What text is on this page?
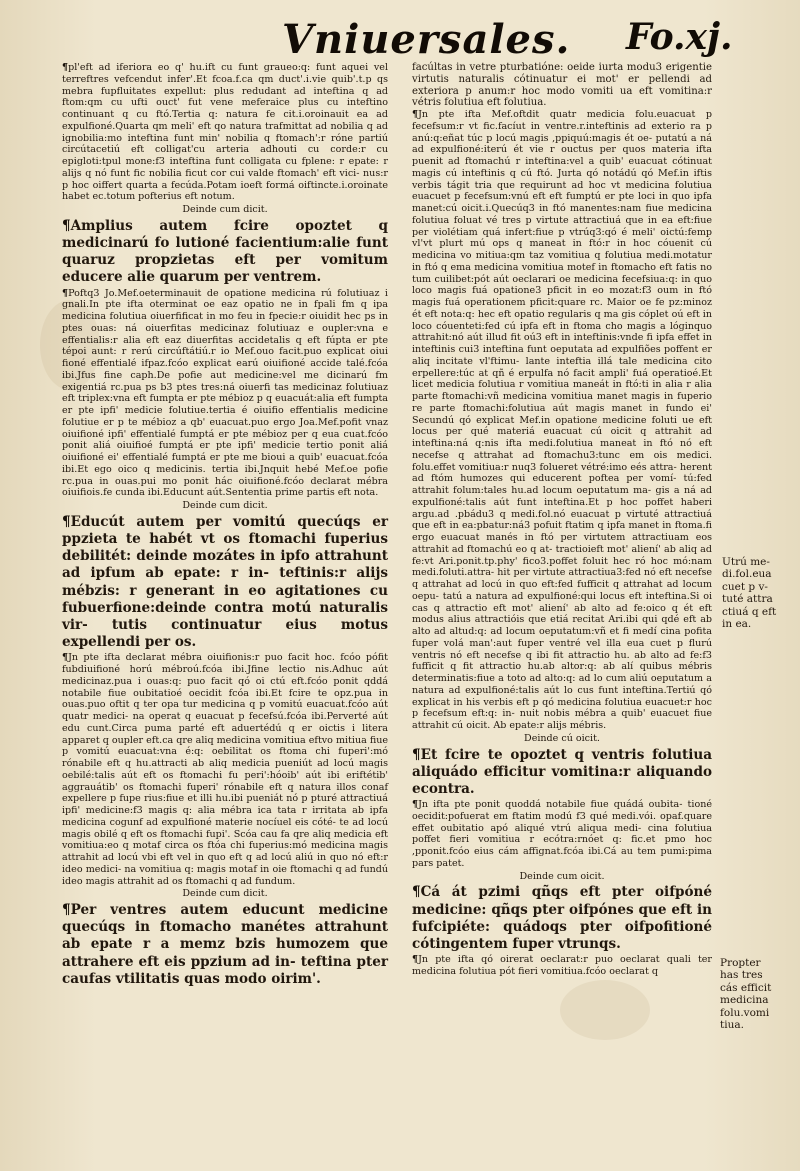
Vniuersales. Fo.xj.

¶pl'eft ad iferiora eo q' hu.ift cu funt graueo:q: funt aquei vel terreftres vefcendut infer'.Et fcoa.f.ca qm duct'.i.vie quib'.t.p qs mebra fupfluitates expellut: plus redudant ad inteftina q ad ftom:qm cu ufti ouct' fut vene meferaice plus cu inteftino continuant q cu ftó.Tertia q: natura fe cit.i.oroinauit ea ad expulfioné.Quarta qm meli' eft qo natura trafmittat ad nobilia q ad ignobilia:mo inteftina funt min' nobilia q ftomach':r róne partiú circútacetiú eft colligat'cu arteria adhouti cu corde:r cu epigloti:tpul mone:f3 inteftina funt colligata cu fplene: r epate: r alijs q nó funt fic nobilia ficut cor cui valde ftomach' eft vici- nus:r p hoc oiffert quarta a fecúda.Potam ioeft formá oiftincte.i.oroinate habet ec.totum pofterius eft notum.

Deinde cum dicit.

¶Amplius autem fcire opoztet q medicinarú fo lutioné facientium:alie funt quaruz propzietas eft per vomitum educere alie quarum per ventrem.

¶Poftq3 Jo.Mef.oeterminauit de opatione medicina rú folutiuaz i gnali.In pte ifta oterminat oe eaz opatio ne in fpali fm q ipa medicina folutiua oiuerfificat in mo feu in fpecie:r oiuidit hec ps in ptes ouas: ná oiuerfitas medicinaz folutiuaz e oupler:vna e effentialis:r alia eft eaz diuerfitas accidetalis q eft fúpta er pte tépoi aunt: r rerú circúftátiú.r io Mef.ouo facit.puo explicat oiui fioné effentialé ifpaz.fcóo explicat earú oiuifioné accide talé.fcóa ibi.Jfus fine caph.De pofie aut medicine:vel me dicinarú fm exigentiá rc.pua ps b3 ptes tres:ná oiuerfi tas medicinaz folutiuaz eft triplex:vna eft fumpta er pte mébioz p q euacuát:alia eft fumpta er pte ipfi' medicie folutiue.tertia é oiuifio effentialis medicine folutiue er p te mébioz a qb' euacuat.puo ergo Joa.Mef.pofit vnaz oiuifioné ipfi' effentialé fumptá er pte mébioz per q eua cuat.fcóo ponit aliá oiuifioé fumptá er pte ipfi' medicie tertio ponit aliá oiuifioné ei' effentialé fumptá er pte me bioui a quib' euacuat.fcóa ibi.Et ego oico q medicinis. tertia ibi.Jnquit hebé Mef.oe pofie rc.pua in ouas.pui mo ponit hác oiuifioné.fcóo declarat mébra oiuifiois.fe cunda ibi.Educunt aút.Sententia prime partis eft nota.

Deinde cum dicit.

¶Educút autem per vomitú quecúqs er ppzieta te habét vt os ftomachi fuperius debilitét: deinde mozátes in ipfo attrahunt ad ipfum ab epate: r in- teftinis:r alijs mébzis: r generant in eo agitationes cu fubuerfione:deinde contra motú naturalis vir- tutis continuatur eius motus expellendi per os.

¶Jn pte ifta declarat mébra oiuifionis:r puo facit hoc. fcóo pófit fubdiuifioné horú mébroú.fcóa ibi.Jfine lectio nis.Adhuc aút medicinaz.pua i ouas:q: puo facit qó oi ctú eft.fcóo ponit qddá notabile fiue oubitatioé oecidit fcóa ibi.Et fcire te opz.pua in ouas.puo oftit q ter opa tur medicina q p vomitú euacuat.fcóo aút quatr medici- na operat q euacuat p fecefsú.fcóa ibi.Perverté aút edu cunt.Circa puma parté eft aduertédú q er oictis i litera apparet q oupler eft.ca qre aliq medicina vomitiua eftvo mitiua fiue p vomitú euacuat:vna é:q: oebilitat os ftoma chi fuperi':mó rónabile eft q hu.attracti ab aliq medicia pueniút ad locú magis oebilé:talis aút eft os ftomachi fu peri':hóoib' aút ibi eriftétib' aggrauátib' os ftomachi fuperi' rónabile eft q natura illos conaf expellere p fupe rius:fiue et illi hu.ibi pueniát nó p pturé attractiuá ipfi' medicine:f3 magis q: alia mébra ica tata r irritata ab ipfa medicina cogunf ad expulfioné materie nocíuel eis cóté- te ad locú magis obilé q eft os ftomachi fupi'. Scóa cau fa qre aliq medicia eft vomitiua:eo q motaf circa os ftóa chi fuperius:mó medicina magis attrahit ad locú vbi eft vel in quo eft q ad locú aliú in quo nó eft:r ideo medici- na vomitiua q: magis motaf in oie ftomachi q ad fundú ideo magis attrahit ad os ftomachi q ad fundum.

Deinde cum dicit.

¶Per ventres autem educunt medicine quecúqs in ftomacho manétes attrahunt ab epate r a memz bzis humozem que attrahere eft eis ppzium ad in- teftina pter caufas vtilitatis quas modo oirim'.

facúltas in vetre pturbatióne: oeide iurta modu3 erigentie virtutis naturalis cótinuatur ei mot' er pellendi ad exteriora p anum:r hoc modo vomiti ua eft vomitina:r vétris folutiua eft folutiua.

¶Jn pte ifta Mef.oftdit quatr medicia folu.euacuat p fecefsum:r vt fic.facíut in ventre.r.inteftinis ad exterio ra p anú:q:eñat túc p locú magis ,ppiquú:magis ét oe- putatú a ná ad expulfioné:iterú ét vie r ouctus per quos materia ifta puenit ad ftomachú r inteftina:vel a quib' euacuat cótinuat magis cú inteftinis q cú ftó. Jurta qó notádú qó Mef.in iftis verbis tágit tria que requirunt ad hoc vt medicina folutiua euacuet p fecefsum:vnú eft eft fumptú er pte loci in quo ipfa manet:cú oicit.i.Quecúq3 in ftó manentes:nam fiue medicina folutiua foluat vé tres p virtute attractiuá que in ea eft:fiue per violétiam quá infert:fiue p vtrúq3:qó é meli' oictú:femp vl'vt plurt mú ops q maneat in ftó:r in hoc cóuenit cú medicina vo mitiua:qm taz vomitiua q folutiua medi.motatur in ftó q ema medicina vomitiua motef in ftomacho eft fatis no tum cuilibet:pót aút oeclarari oe medicina fecefsiua:q: in quo loco magis fuá opatione3 pficit in eo mozat:f3 oum in ftó magis fuá operationem pficit:quare rc. Maior oe fe pz:minoz ét eft nota:q: hec eft opatio regularis q ma gis cóplet oú eft in loco cóuenteti:fed cú ipfa eft in ftoma cho magis a lóginquo attrahit:nó aút illud fit oú3 eft in inteftinis:vnde fi ipfa effet in inteftinis cui3 inteftina funt oeputata ad expulfiões poffent er aliq incitate vl'ftimu- lante inteftia illá tale medicina cito erpellere:túc at qñ é erpulfa nó facit ampli' fuá operatioé.Et licet medicia folutiua r vomitiua maneát in ftó:ti in alia r alia parte ftomachi:vñ medicina vomitiua manet magis in fuperio re parte ftomachi:folutiua aút magis manet in fundo ei' Secundú qó explicat Mef.in opatione medicine foluti ue eft locus per qué materiá euacuat cú oicit q attrahit ad inteftina:ná q:nis ifta medi.folutiua maneat in ftó nó eft necefse q attrahat ad ftomachu3:tunc em ois medici. folu.effet vomitiua:r nuq3 folueret vétré:imo eés attra- herent ad ftóm humozes qui educerent poftea per vomí- tú:fed attrahit folum:tales hu.ad locum oeputatum ma- gis a ná ad expulfioné:talis aút funt inteftina.Et p hoc poffet haberi argu.ad .pbádu3 q medi.fol.nó euacuat p virtuté attractiuá que eft in ea:pbatur:ná3 pofuit ftatim q ipfa manet in ftoma.fi ergo euacuat manés in ftó per virtutem attractiuam eos attrahit ad ftomachú eo q at- tractioieft mot' aliení' ab aliq ad fe:vt Ari.ponit.tp.phy' fico3.poffet foluit hec ró hoc mó:nam medi.foluti.attra- hit per virtute attractiua3:fed nó eft necefse q attrahat ad locú in quo eft:fed fufficit q attrahat ad locum oepu- tatú a natura ad expulfioné:qui locus eft inteftina.Si oi cas q attractio eft mot' aliení' ab alto ad fe:oico q ét eft modus alius attractióis que etiá recitat Ari.ibi qui qdé eft ab alto ad altud:q: ad locum oeputatum:vñ et fi medí cina pofita fuper volá man':aut fuper ventré vel illa eua cuet p flurú ventris nó eft necefse q ibi fit attractio hu. ab alto ad fe:f3 fufficit q fit attractio hu.ab altor:q: ab alí quibus mébris determinatis:fiue a toto ad alto:q: ad lo cum aliú oeputatum a natura ad expulfioné:talis aút lo cus funt inteftina.Tertiú qó explicat in his verbis eft p qó medicina folutiua euacuet:r hoc p fecefsum eft:q: in- nuit nobis mébra a quib' euacuet fiue attrahit cú oicit. Ab epate:r alijs mébris.

Deinde cú oicit.

¶Et fcire te opoztet q ventris folutiua aliquádo efficitur vomitina:r aliquando econtra.

¶Jn ifta pte ponit quoddá notabile fiue quádá oubita- tioné oecidit:pofuerat em ftatim modú f3 qué medi.vói. opaf.quare effet oubitatio apó aliqué vtrú aliqua medi- cina folutiua poffet fieri vomitiua r ecótra:rnóet q: fic.et pmo hoc ,pponit.fcóo eius cám affignat.fcóa ibi.Cá au tem pumi:pima pars patet.

Deinde cum oicit.

¶Cá át pzimi qñqs eft pter oifpóné medicine: qñqs pter oifpónes que eft in fufcipiéte: quádoqs pter oifpofitioné cótingentem fuper vtrunqs.

¶Jn pte ifta qó oirerat oeclarat:r puo oeclarat quali ter medicina folutiua pót fieri vomitiua.fcóo oeclarat q

Utrú me-
di.fol.eua
cuet p v-
tuté attra
ctiuá q eft
in ea.
Propter
has tres
cás efficit
medicina
folu.vomi
tiua.
